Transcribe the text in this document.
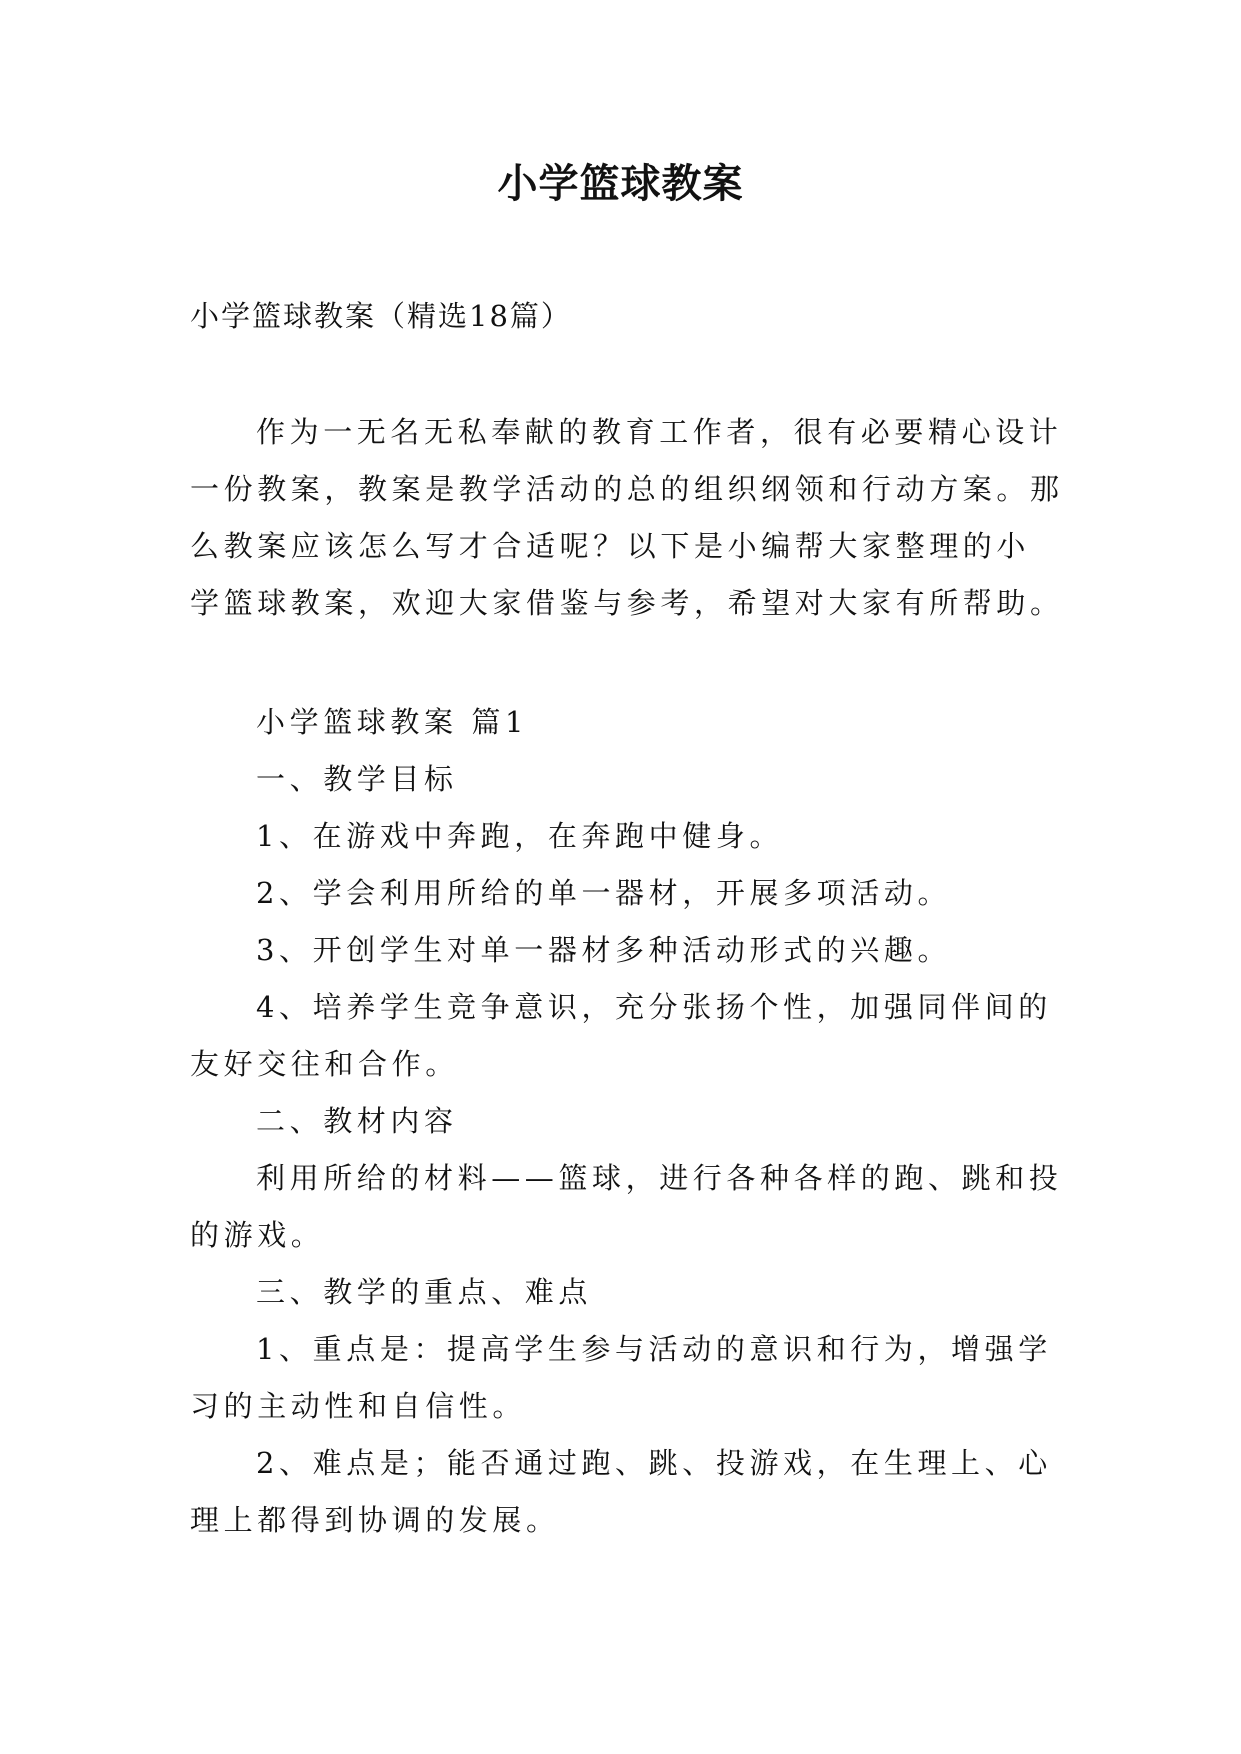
小学篮球教案
小学篮球教案（精选18篇）
作为一无名无私奉献的教育工作者，很有必要精心设计
一份教案，教案是教学活动的总的组织纲领和行动方案。那
么教案应该怎么写才合适呢？以下是小编帮大家整理的小
学篮球教案，欢迎大家借鉴与参考，希望对大家有所帮助。
小学篮球教案 篇1
一、教学目标
1、在游戏中奔跑，在奔跑中健身。
2、学会利用所给的单一器材，开展多项活动。
3、开创学生对单一器材多种活动形式的兴趣。
4、培养学生竞争意识，充分张扬个性，加强同伴间的
友好交往和合作。
二、教材内容
利用所给的材料——篮球，进行各种各样的跑、跳和投
的游戏。
三、教学的重点、难点
1、重点是：提高学生参与活动的意识和行为，增强学
习的主动性和自信性。
2、难点是；能否通过跑、跳、投游戏，在生理上、心
理上都得到协调的发展。
